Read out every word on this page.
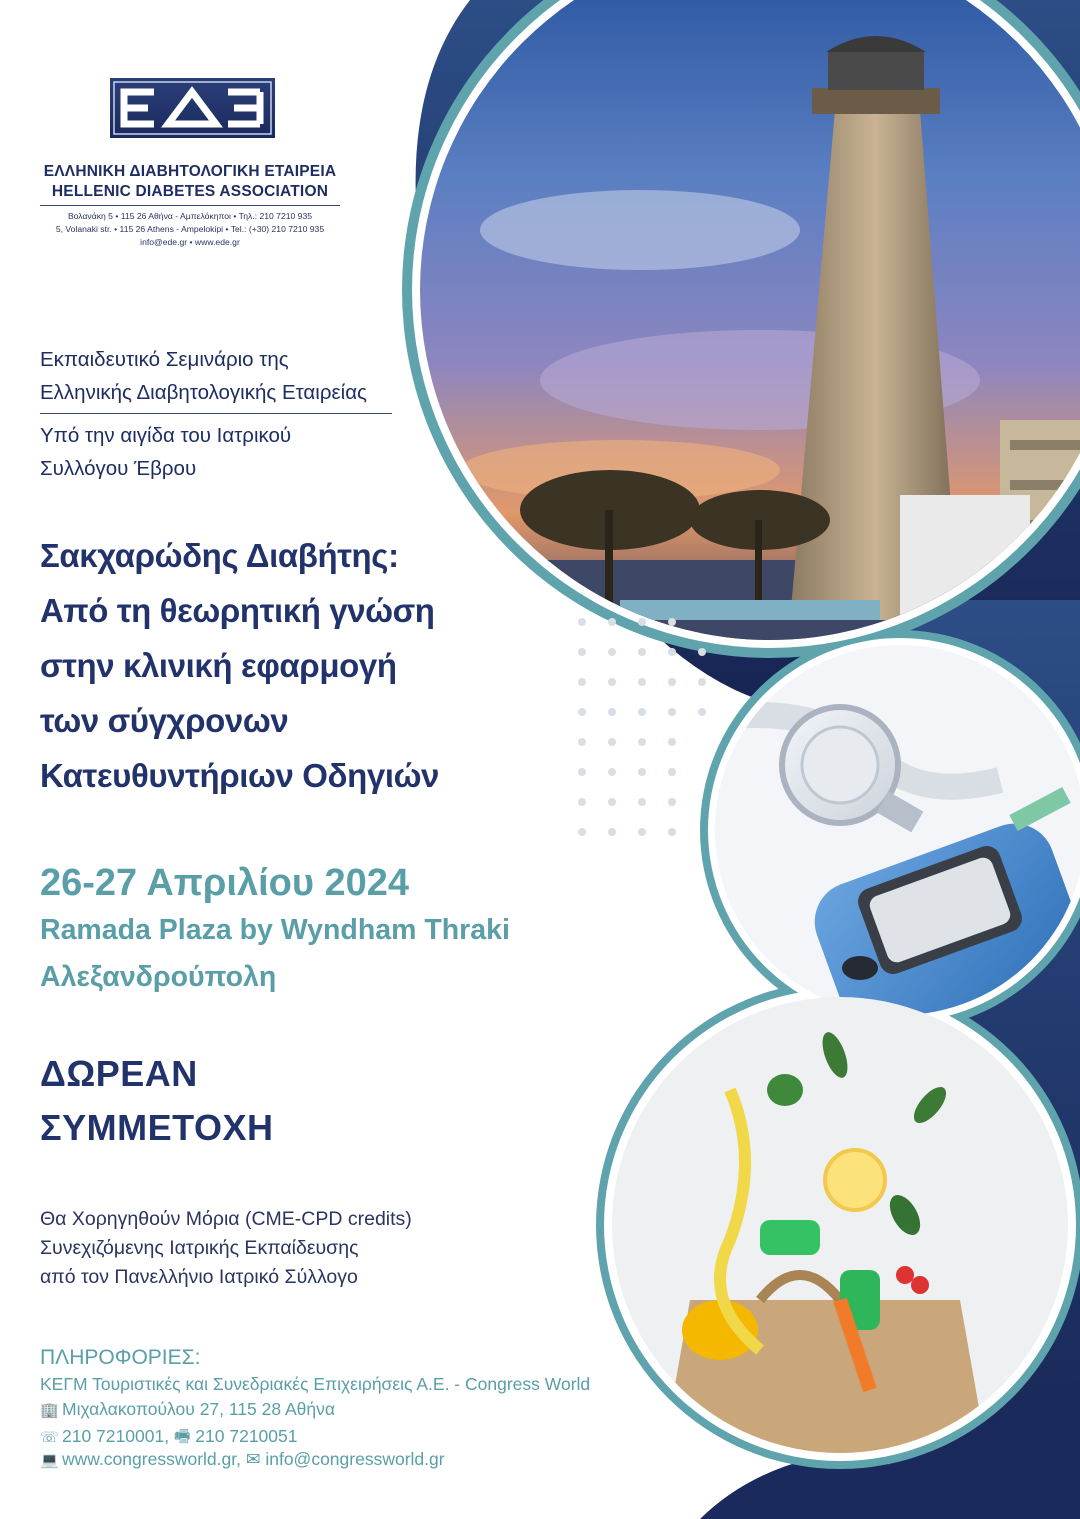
ΕΛΛΗΝΙΚΗ ΔΙΑΒΗΤΟΛΟΓΙΚΗ ΕΤΑΙΡΕΙΑ
HELLENIC DIABETES ASSOCIATION
Βολανάκη 5 • 115 26 Αθήνα - Αμπελόκηποι • Τηλ.: 210 7210 935
5, Volanaki str. • 115 26 Athens - Ampelokipi • Tel.: (+30) 210 7210 935
info@ede.gr • www.ede.gr
Εκπαιδευτικό Σεμινάριο της
Ελληνικής Διαβητολογικής Εταιρείας
Υπό την αιγίδα του Ιατρικού
Συλλόγου Έβρου
Σακχαρώδης Διαβήτης:
Από τη θεωρητική γνώση
στην κλινική εφαρμογή
των σύγχρονων
Κατευθυντήριων Οδηγιών
26-27 Απριλίου 2024
Ramada Plaza by Wyndham Thraki
Αλεξανδρούπολη
ΔΩΡΕΑΝ
ΣΥΜΜΕΤΟΧΗ
Θα Χορηγηθούν Μόρια (CME-CPD credits)
Συνεχιζόμενης Ιατρικής Εκπαίδευσης
από τον Πανελλήνιο Ιατρικό Σύλλογο
ΠΛΗΡΟΦΟΡΙΕΣ:
ΚΕΓΜ Τουριστικές και Συνεδριακές Επιχειρήσεις Α.Ε. - Congress World
🏢 Μιχαλακοπούλου 27, 115 28 Αθήνα
☏ 210 7210001, 🖷 210 7210051
💻 www.congressworld.gr, ✉ info@congressworld.gr
